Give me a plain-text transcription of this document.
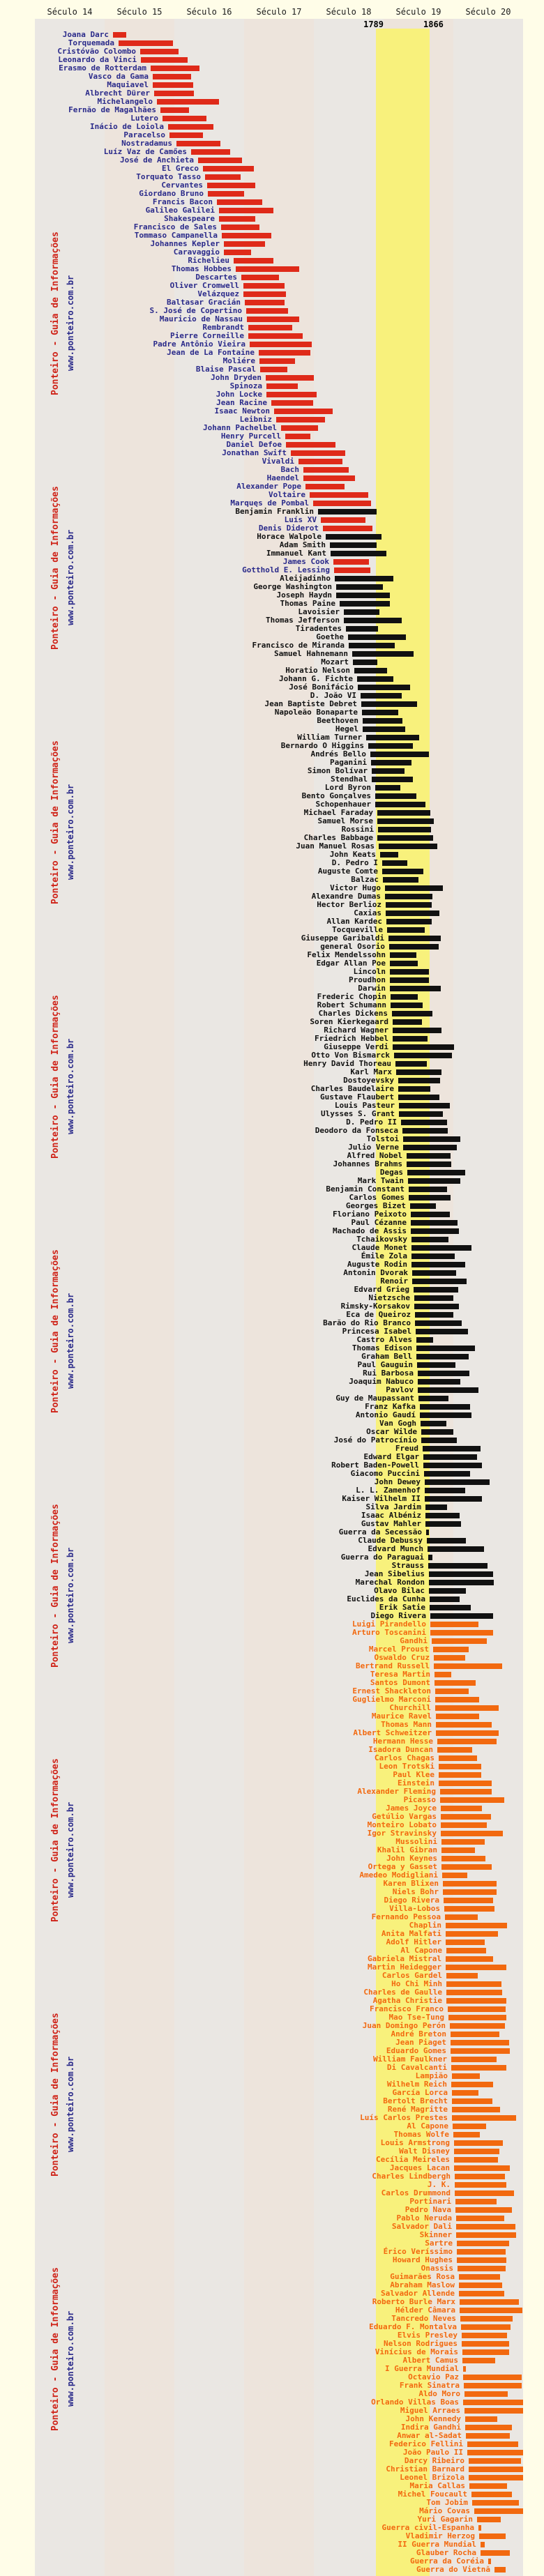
Século 14	Século 15	Século 16	Século 17	Século 18	Século 19	Século 20
1789	1866
Ponteiro - Guia de Informações www.ponteiro.com.br
Ponteiro - Guia de Informações www.ponteiro.com.br
Ponteiro - Guia de Informações www.ponteiro.com.br
Ponteiro - Guia de Informações www.ponteiro.com.br
Ponteiro - Guia de Informações www.ponteiro.com.br
Ponteiro - Guia de Informações www.ponteiro.com.br
Ponteiro - Guia de Informações www.ponteiro.com.br
Ponteiro - Guia de Informações www.ponteiro.com.br
Ponteiro - Guia de Informações www.ponteiro.com.br
Joana Darc
Torquemada
Cristóvão Colombo
Leonardo da Vinci
Erasmo de Rotterdam
Vasco da Gama
Maquiavel
Albrecht Dürer
Michelangelo
Fernăo de Magalhăes
Lutero
Inácio de Loiola
Paracelso
Nostradamus
Luíz Vaz de Camőes
José de Anchieta
El Greco
Torquato Tasso
Cervantes
Giordano Bruno
Francis Bacon
Galileo Galilei
Shakespeare
Francisco de Sales
Tommaso Campanella
Johannes Kepler
Caravaggio
Richelieu
Thomas Hobbes
Descartes
Oliver Cromwell
Velázquez
Baltasar Gracián
S. José de Copertino
Mauricio de Nassau
Rembrandt
Pierre Corneille
Padre Antônio Vieira
Jean de La Fontaine
Moliére
Blaise Pascal
John Dryden
Spinoza
John Locke
Jean Racine
Isaac Newton
Leibniz
Johann Pachelbel
Henry Purcell
Daniel Defoe
Jonathan Swift
Vivaldi
Bach
Haendel
Alexander Pope
Voltaire
Marquęs de Pombal
Benjamin Franklin
Luís XV
Denis Diderot
Horace Walpole
Adam Smith
Immanuel Kant
James Cook
Gotthold E. Lessing
Aleijadinho
George Washington
Joseph Haydn
Thomas Paine
Lavoisier
Thomas Jefferson
Tiradentes
Goethe
Francisco de Miranda
Samuel Hahnemann
Mozart
Horatio Nelson
Johann G. Fichte
José Bonifácio
D. Joăo VI
Jean Baptiste Debret
Napoleăo Bonaparte
Beethoven
Hegel
William Turner
Bernardo O Higgins
Andrés Bello
Paganini
Simon Bolívar
Stendhal
Lord Byron
Bento Gonçalves
Schopenhauer
Michael Faraday
Samuel Morse
Rossini
Charles Babbage
Juan Manuel Rosas
John Keats
D. Pedro I
Auguste Comte
Balzac
Victor Hugo
Alexandre Dumas
Hector Berlioz
Caxias
Allan Kardec
Tocqueville
Giuseppe Garibaldi
general Osorio
Felix Mendelssohn
Edgar Allan Poe
Lincoln
Proudhon
Darwin
Frederic Chopin
Robert Schumann
Charles Dickens
Soren Kierkegaard
Richard Wagner
Friedrich Hebbel
Giuseppe Verdi
Otto Von Bismarck
Henry David Thoreau
Karl Marx
Dostoyevsky
Charles Baudelaire
Gustave Flaubert
Louis Pasteur
Ulysses S. Grant
D. Pedro II
Deodoro da Fonseca
Tolstoi
Julio Verne
Alfred Nobel
Johannes Brahms
Degas
Mark Twain
Benjamin Constant
Carlos Gomes
Georges Bizet
Floriano Peixoto
Paul Cézanne
Machado de Assis
Tchaikovsky
Claude Monet
Émile Zola
Auguste Rodin
Antonin Dvorak
Renoir
Edvard Grieg
Nietzsche
Rimsky-Korsakov
Eca de Queiroz
Barăo do Rio Branco
Princesa Isabel
Castro Alves
Thomas Edison
Graham Bell
Paul Gauguin
Rui Barbosa
Joaquim Nabuco
Pavlov
Guy de Maupassant
Franz Kafka
Antonio Gaudí
Van Gogh
Oscar Wilde
José do Patrocínio
Freud
Edward Elgar
Robert Baden-Powell
Giacomo Puccini
John Dewey
L. L. Zamenhof
Kaiser Wilhelm II
Silva Jardim
Isaac Albéniz
Gustav Mahler
Guerra da Secessăo
Claude Debussy
Edvard Munch
Guerra do Paraguai
Strauss
Jean Sibelius
Marechal Rondon
Olavo Bilac
Euclides da Cunha
Erik Satie
Diego Rivera
Luigi Pirandello
Arturo Toscanini
Gandhi
Marcel Proust
Oswaldo Cruz
Bertrand Russell
Teresa Martin
Santos Dumont
Ernest Shackleton
Guglielmo Marconi
Churchill
Maurice Ravel
Thomas Mann
Albert Schweitzer
Hermann Hesse
Isadora Duncan
Carlos Chagas
Leon Trotski
Paul Klee
Einstein
Alexander Fleming
Picasso
James Joyce
Getúlio Vargas
Monteiro Lobato
Igor Stravinsky
Mussolini
Khalil Gibran
John Keynes
Ortega y Gasset
Amedeo Modigliani
Karen Blixen
Niels Bohr
Diego Rivera
Villa-Lobos
Fernando Pessoa
Chaplin
Anita Malfati
Adolf Hitler
Al Capone
Gabriela Mistral
Martin Heidegger
Carlos Gardel
Ho Chi Minh
Charles de Gaulle
Agatha Christie
Francisco Franco
Mao Tse-Tung
Juan Domingo Perón
André Breton
Jean Piaget
Eduardo Gomes
William Faulkner
Di Cavalcanti
Lampiăo
Wilhelm Reich
García Lorca
Bertolt Brecht
René Magritte
Luís Carlos Prestes
Al Capone
Thomas Wolfe
Louis Armstrong
Walt Disney
Cecília Meireles
Jacques Lacan
Charles Lindbergh
J. K.
Carlos Drummond
Portinari
Pedro Nava
Pablo Neruda
Salvador Dali
Skinner
Sartre
Érico Veríssimo
Howard Hughes
Onassis
Guimarăes Rosa
Abraham Maslow
Salvador Allende
Roberto Burle Marx
Hélder Câmara
Tancredo Neves
Eduardo F. Montalva
Elvis Presley
Nelson Rodrigues
Vinícius de Morais
Albert Camus
I Guerra Mundial
Octavio Paz
Frank Sinatra
Aldo Moro
Orlando Villas Boas
Miguel Arraes
John Kennedy
Indira Gandhi
Anwar al-Sadat
Federico Fellini
Joăo Paulo II
Darcy Ribeiro
Christian Barnard
Leonel Brizola
Maria Callas
Michel Foucault
Tom Jobim
Mário Covas
Yuri Gagarin
Guerra civil-Espanha
Vladimir Herzog
II Guerra Mundial
Glauber Rocha
Guerra da Coréia
Guerra do Vietnă
